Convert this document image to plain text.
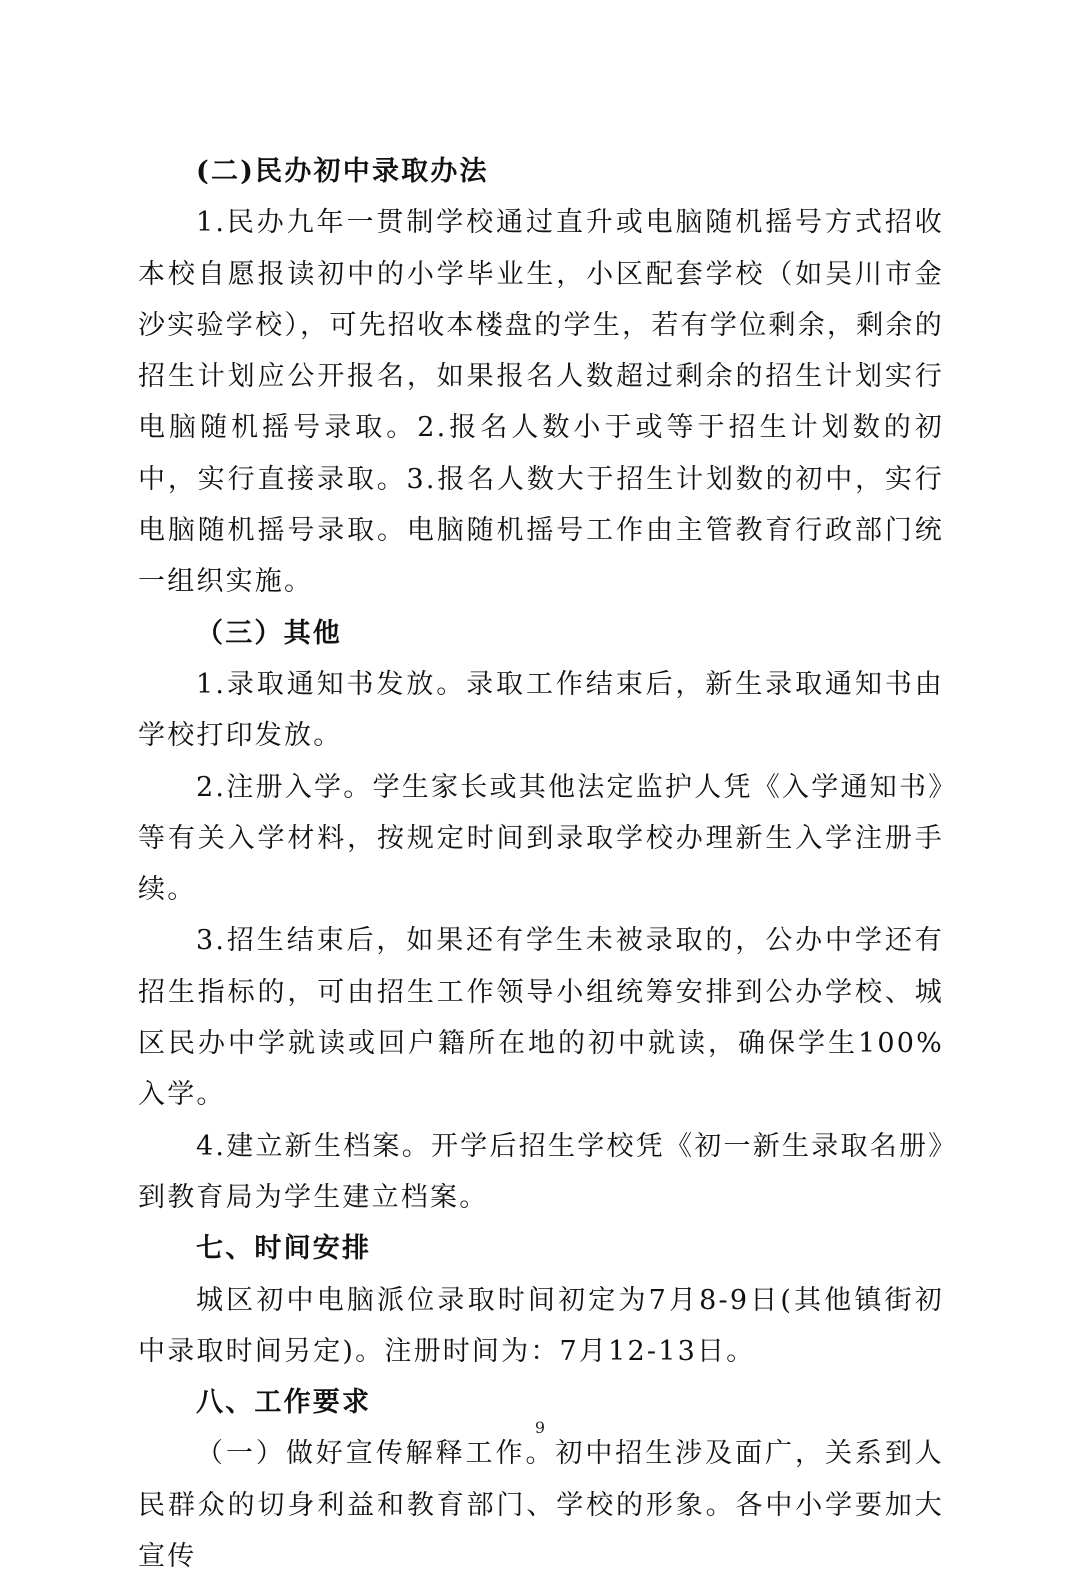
(二)民办初中录取办法

1.民办九年一贯制学校通过直升或电脑随机摇号方式招收本校自愿报读初中的小学毕业生，小区配套学校（如吴川市金沙实验学校），可先招收本楼盘的学生，若有学位剩余，剩余的招生计划应公开报名，如果报名人数超过剩余的招生计划实行电脑随机摇号录取。2.报名人数小于或等于招生计划数的初中，实行直接录取。3.报名人数大于招生计划数的初中，实行电脑随机摇号录取。电脑随机摇号工作由主管教育行政部门统一组织实施。

（三）其他

1.录取通知书发放。录取工作结束后，新生录取通知书由学校打印发放。

2.注册入学。学生家长或其他法定监护人凭《入学通知书》等有关入学材料，按规定时间到录取学校办理新生入学注册手续。

3.招生结束后，如果还有学生未被录取的，公办中学还有招生指标的，可由招生工作领导小组统筹安排到公办学校、城区民办中学就读或回户籍所在地的初中就读，确保学生100%入学。

4.建立新生档案。开学后招生学校凭《初一新生录取名册》到教育局为学生建立档案。

七、时间安排

城区初中电脑派位录取时间初定为7月8-9日(其他镇街初中录取时间另定)。注册时间为：7月12-13日。

八、工作要求

（一）做好宣传解释工作。初中招生涉及面广，关系到人民群众的切身利益和教育部门、学校的形象。各中小学要加大宣传

9
